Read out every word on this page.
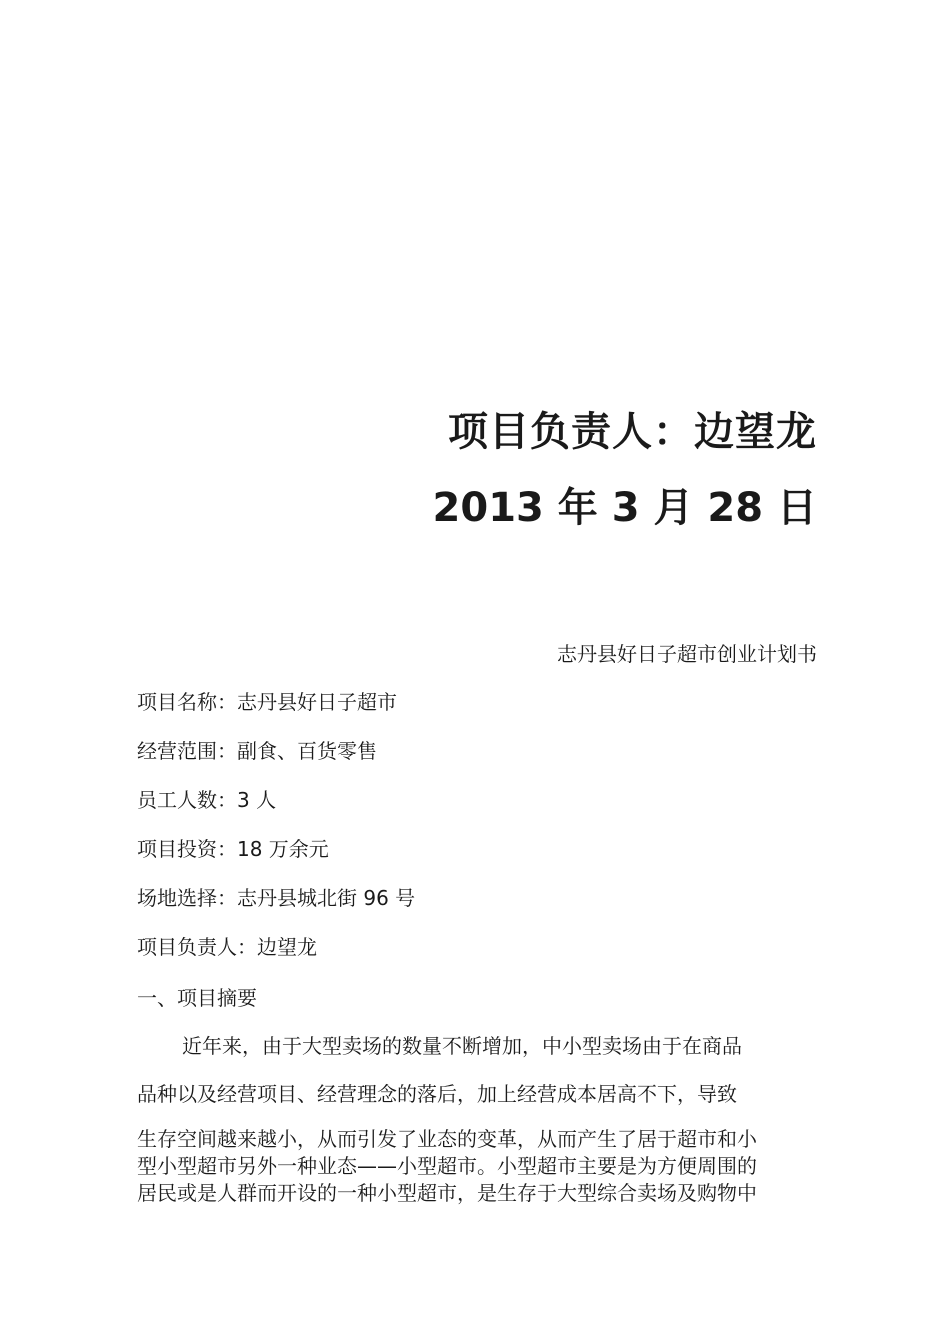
项目负责人：边望龙
2013 年 3 月 28 日
志丹县好日子超市创业计划书
项目名称：志丹县好日子超市
经营范围：副食、百货零售
员工人数：3 人
项目投资：18 万余元
场地选择：志丹县城北街 96 号
项目负责人：边望龙
一、项目摘要
近年来，由于大型卖场的数量不断增加，中小型卖场由于在商品
品种以及经营项目、经营理念的落后，加上经营成本居高不下，导致
生存空间越来越小，从而引发了业态的变革，从而产生了居于超市和小
型小型超市另外一种业态——小型超市。小型超市主要是为方便周围的
居民或是人群而开设的一种小型超市，是生存于大型综合卖场及购物中
